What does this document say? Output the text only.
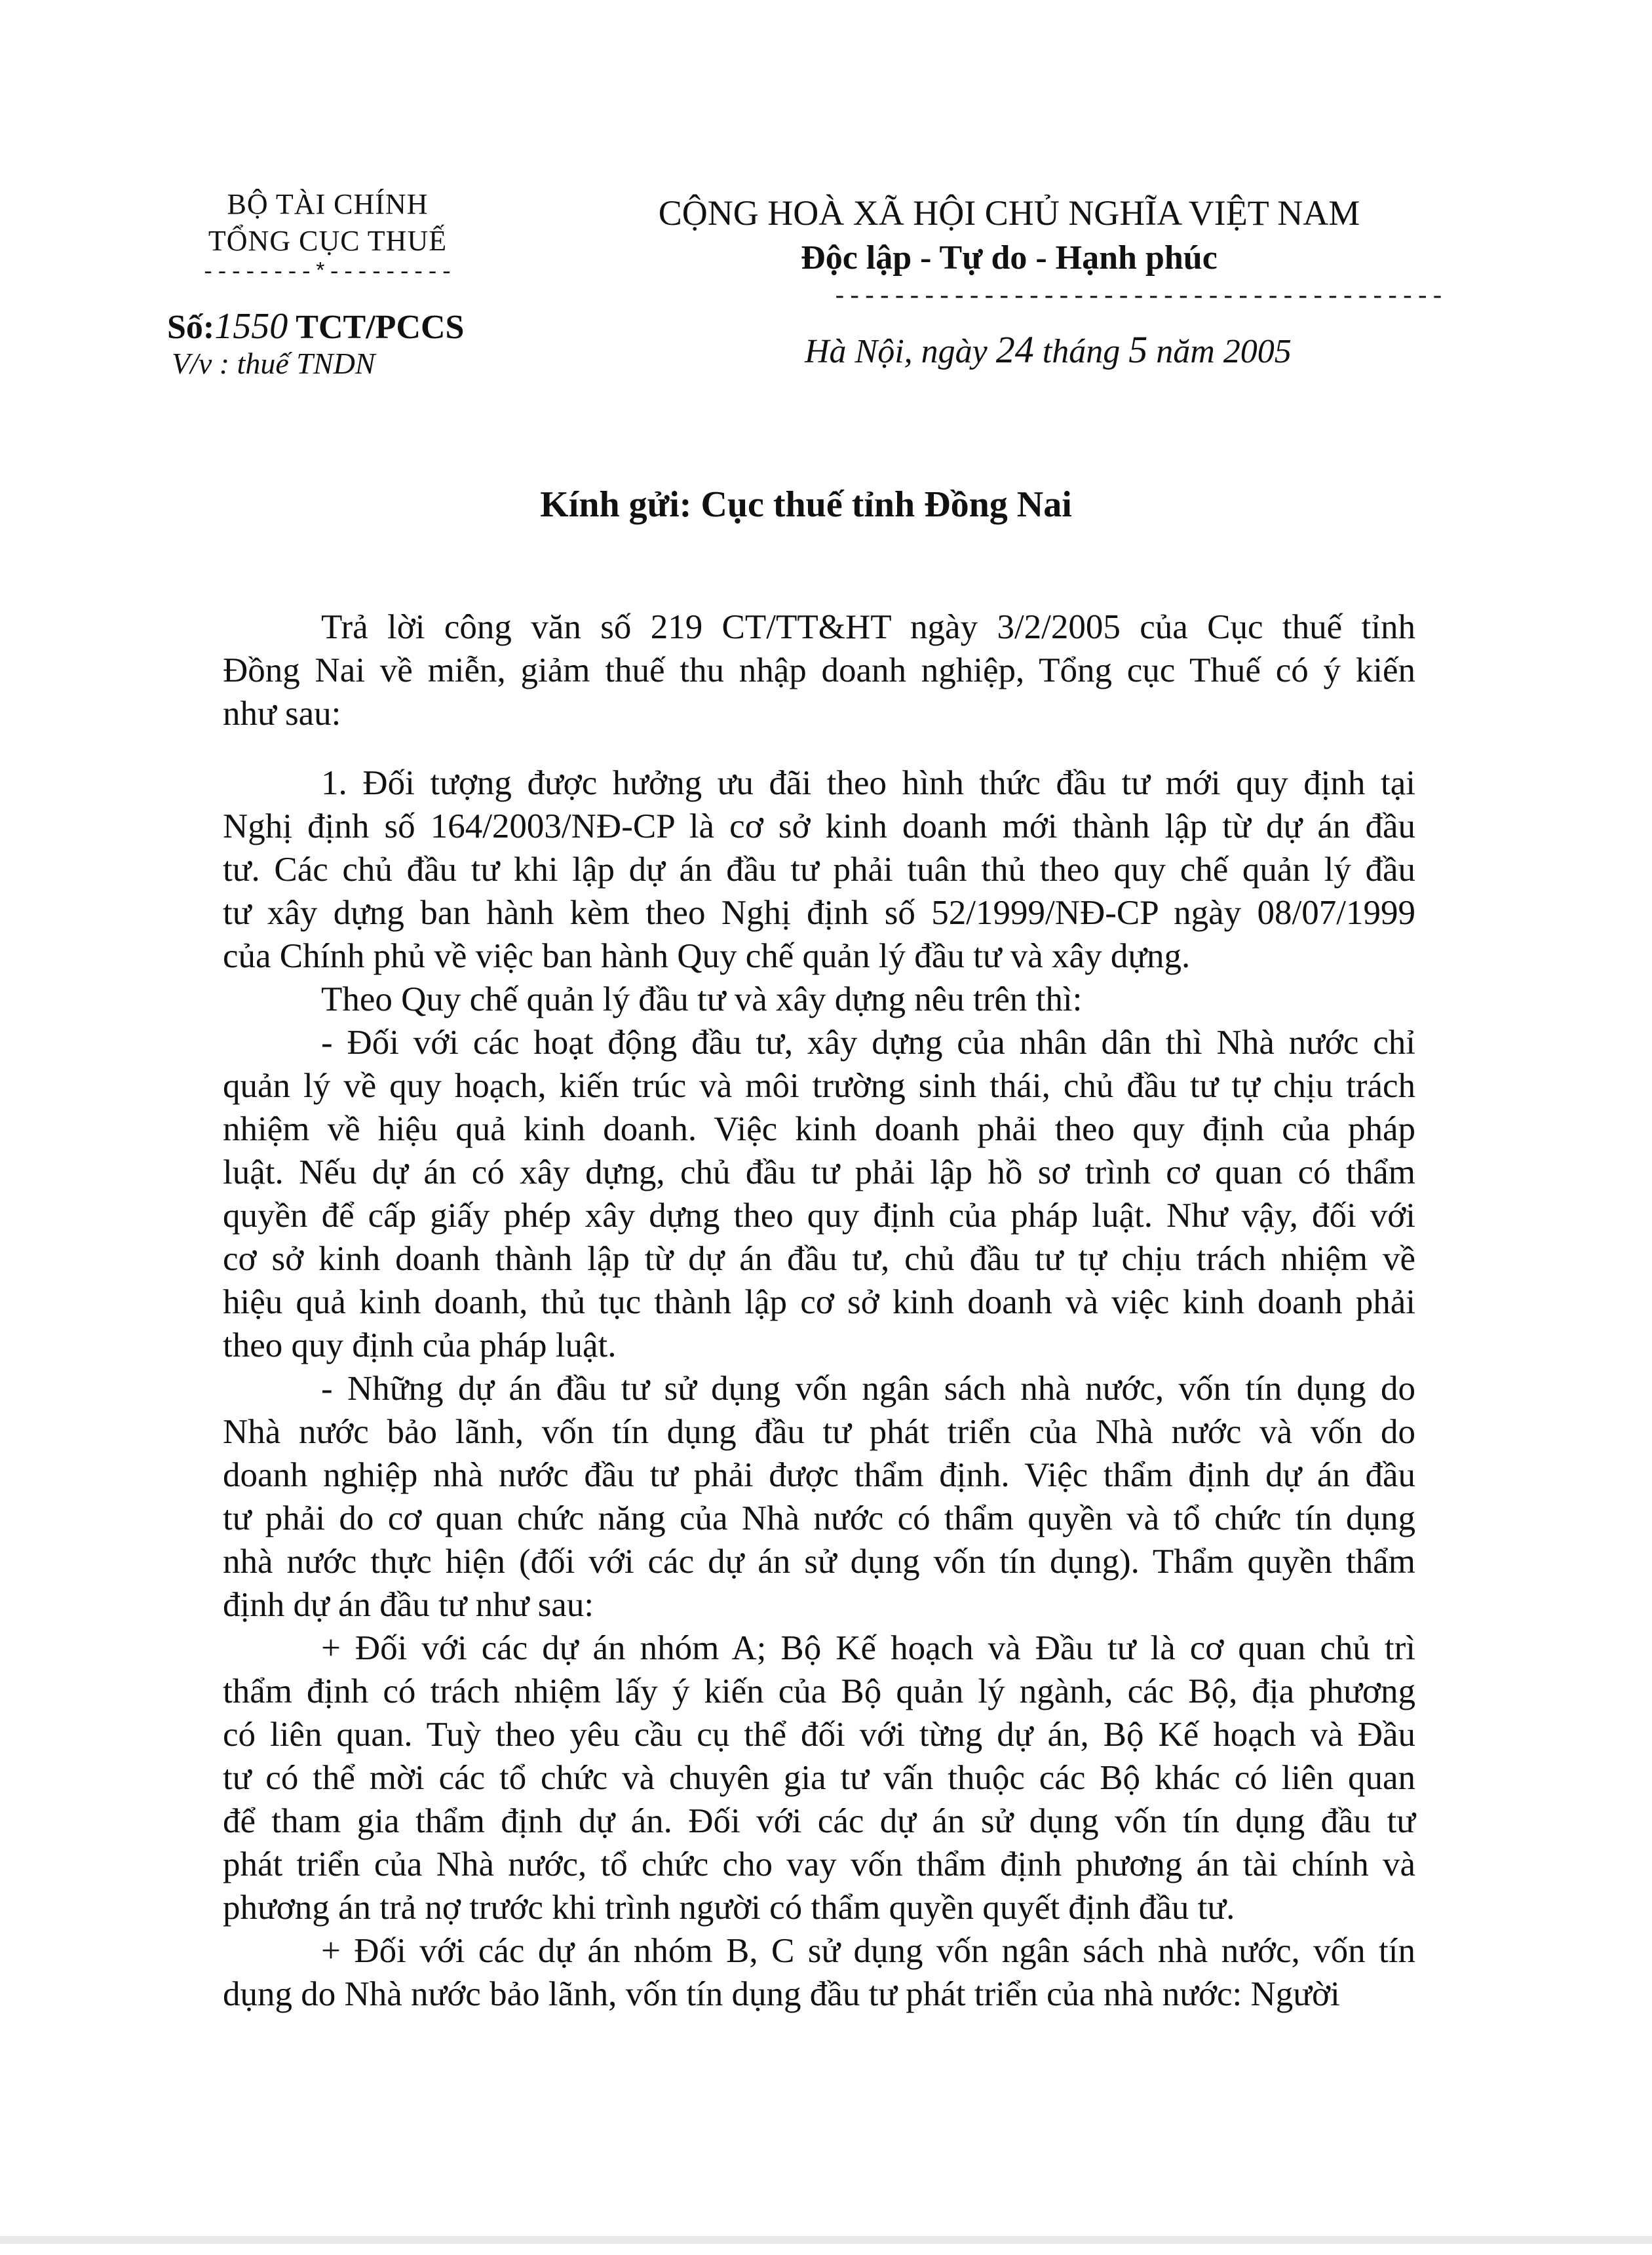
BỘ TÀI CHÍNH
TỔNG CỤC THUẾ
--------*---------
Số:1550 TCT/PCCS
V/v : thuế TNDN
CỘNG HOÀ XÃ HỘI CHỦ NGHĨA VIỆT NAM
Độc lập - Tự do - Hạnh phúc
-----------------------------------------
Hà Nội, ngày 24 tháng 5 năm 2005
Kính gửi: Cục thuế tỉnh Đồng Nai
Trả lời công văn số 219 CT/TT&HT ngày 3/2/2005 của Cục thuế tỉnh
Đồng Nai về miễn, giảm thuế thu nhập doanh nghiệp, Tổng cục Thuế có ý kiến
như sau:
1. Đối tượng được hưởng ưu đãi theo hình thức đầu tư mới quy định tại
Nghị định số 164/2003/NĐ-CP là cơ sở kinh doanh mới thành lập từ dự án đầu
tư. Các chủ đầu tư khi lập dự án đầu tư phải tuân thủ theo quy chế quản lý đầu
tư xây dựng ban hành kèm theo Nghị định số 52/1999/NĐ-CP ngày 08/07/1999
của Chính phủ về việc ban hành Quy chế quản lý đầu tư và xây dựng.
Theo Quy chế quản lý đầu tư và xây dựng nêu trên thì:
- Đối với các hoạt động đầu tư, xây dựng của nhân dân thì Nhà nước chỉ
quản lý về quy hoạch, kiến trúc và môi trường sinh thái, chủ đầu tư tự chịu trách
nhiệm về hiệu quả kinh doanh. Việc kinh doanh phải theo quy định của pháp
luật. Nếu dự án có xây dựng, chủ đầu tư phải lập hồ sơ trình cơ quan có thẩm
quyền để cấp giấy phép xây dựng theo quy định của pháp luật. Như vậy, đối với
cơ sở kinh doanh thành lập từ dự án đầu tư, chủ đầu tư tự chịu trách nhiệm về
hiệu quả kinh doanh, thủ tục thành lập cơ sở kinh doanh và việc kinh doanh phải
theo quy định của pháp luật.
- Những dự án đầu tư sử dụng vốn ngân sách nhà nước, vốn tín dụng do
Nhà nước bảo lãnh, vốn tín dụng đầu tư phát triển của Nhà nước và vốn do
doanh nghiệp nhà nước đầu tư phải được thẩm định. Việc thẩm định dự án đầu
tư phải do cơ quan chức năng của Nhà nước có thẩm quyền và tổ chức tín dụng
nhà nước thực hiện (đối với các dự án sử dụng vốn tín dụng). Thẩm quyền thẩm
định dự án đầu tư như sau:
+ Đối với các dự án nhóm A; Bộ Kế hoạch và Đầu tư là cơ quan chủ trì
thẩm định có trách nhiệm lấy ý kiến của Bộ quản lý ngành, các Bộ, địa phương
có liên quan. Tuỳ theo yêu cầu cụ thể đối với từng dự án, Bộ Kế hoạch và Đầu
tư có thể mời các tổ chức và chuyên gia tư vấn thuộc các Bộ khác có liên quan
để tham gia thẩm định dự án. Đối với các dự án sử dụng vốn tín dụng đầu tư
phát triển của Nhà nước, tổ chức cho vay vốn thẩm định phương án tài chính và
phương án trả nợ trước khi trình người có thẩm quyền quyết định đầu tư.
+ Đối với các dự án nhóm B, C sử dụng vốn ngân sách nhà nước, vốn tín
dụng do Nhà nước bảo lãnh, vốn tín dụng đầu tư phát triển của nhà nước: Người
